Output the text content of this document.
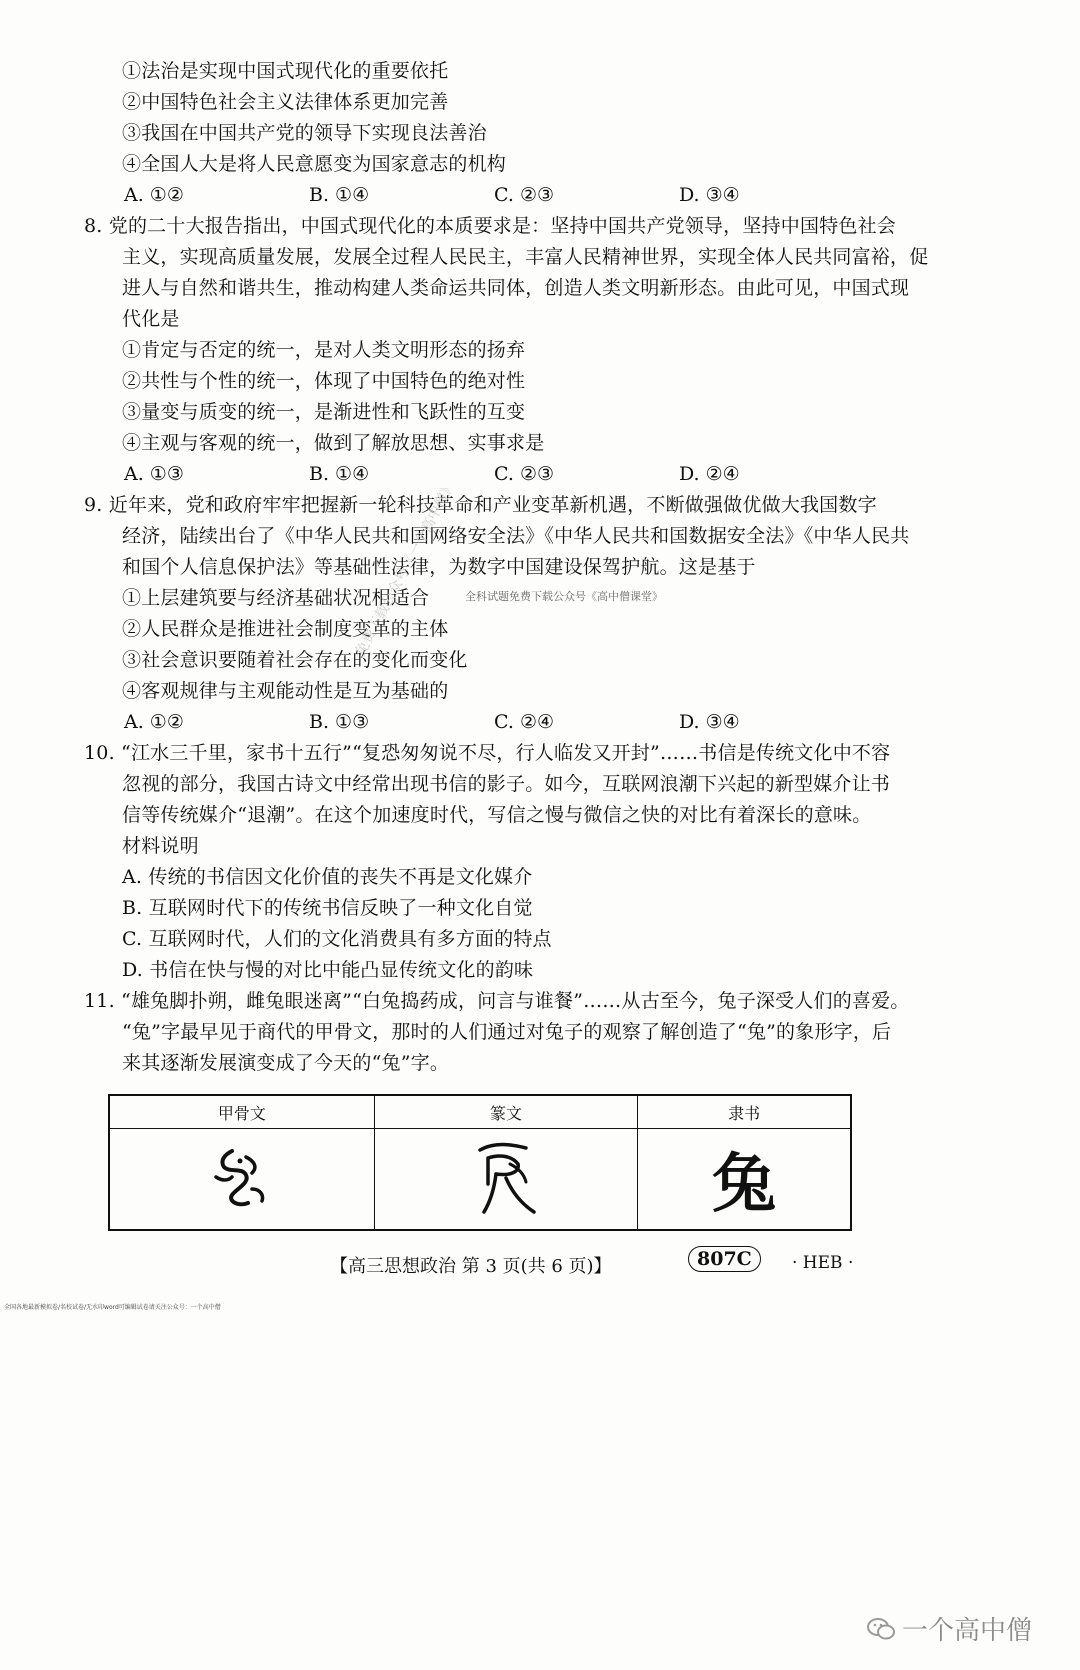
①法治是实现中国式现代化的重要依托
②中国特色社会主义法律体系更加完善
③我国在中国共产党的领导下实现良法善治
④全国人大是将人民意愿变为国家意志的机构
A. ①②	B. ①④	C. ②③	D. ③④
8. 党的二十大报告指出，中国式现代化的本质要求是：坚持中国共产党领导，坚持中国特色社会
主义，实现高质量发展，发展全过程人民民主，丰富人民精神世界，实现全体人民共同富裕，促
进人与自然和谐共生，推动构建人类命运共同体，创造人类文明新形态。由此可见，中国式现
代化是
①肯定与否定的统一，是对人类文明形态的扬弃
②共性与个性的统一，体现了中国特色的绝对性
③量变与质变的统一，是渐进性和飞跃性的互变
④主观与客观的统一，做到了解放思想、实事求是
A. ①③	B. ①④	C. ②③	D. ②④
9. 近年来，党和政府牢牢把握新一轮科技革命和产业变革新机遇，不断做强做优做大我国数字
经济，陆续出台了《中华人民共和国网络安全法》《中华人民共和国数据安全法》《中华人民共
和国个人信息保护法》等基础性法律，为数字中国建设保驾护航。这是基于
①上层建筑要与经济基础状况相适合
②人民群众是推进社会制度变革的主体
③社会意识要随着社会存在的变化而变化
④客观规律与主观能动性是互为基础的
A. ①②	B. ①③	C. ②④	D. ③④
10. “江水三千里，家书十五行”“复恐匆匆说不尽，行人临发又开封”……书信是传统文化中不容
忽视的部分，我国古诗文中经常出现书信的影子。如今，互联网浪潮下兴起的新型媒介让书
信等传统媒介“退潮”。在这个加速度时代，写信之慢与微信之快的对比有着深长的意味。
材料说明
A. 传统的书信因文化价值的丧失不再是文化媒介
B. 互联网时代下的传统书信反映了一种文化自觉
C. 互联网时代，人们的文化消费具有多方面的特点
D. 书信在快与慢的对比中能凸显传统文化的韵味
11. “雄兔脚扑朔，雌兔眼迷离”“白兔捣药成，问言与谁餐”……从古至今，兔子深受人们的喜爱。
“兔”字最早见于商代的甲骨文，那时的人们通过对兔子的观察了解创造了“兔”的象形字，后
来其逐渐发展演变成了今天的“兔”字。
全科试题免费下载公众号《高中僧课堂》
免费下载公众号《一个高中僧》
甲骨文	篆文	隶书
		兔
【高三思想政治 第 3 页(共 6 页)】	807C	· HEB ·
全国各地最新模拟卷/名校试卷/无水印word可编辑试卷请关注公众号：一个高中僧
一个高中僧
